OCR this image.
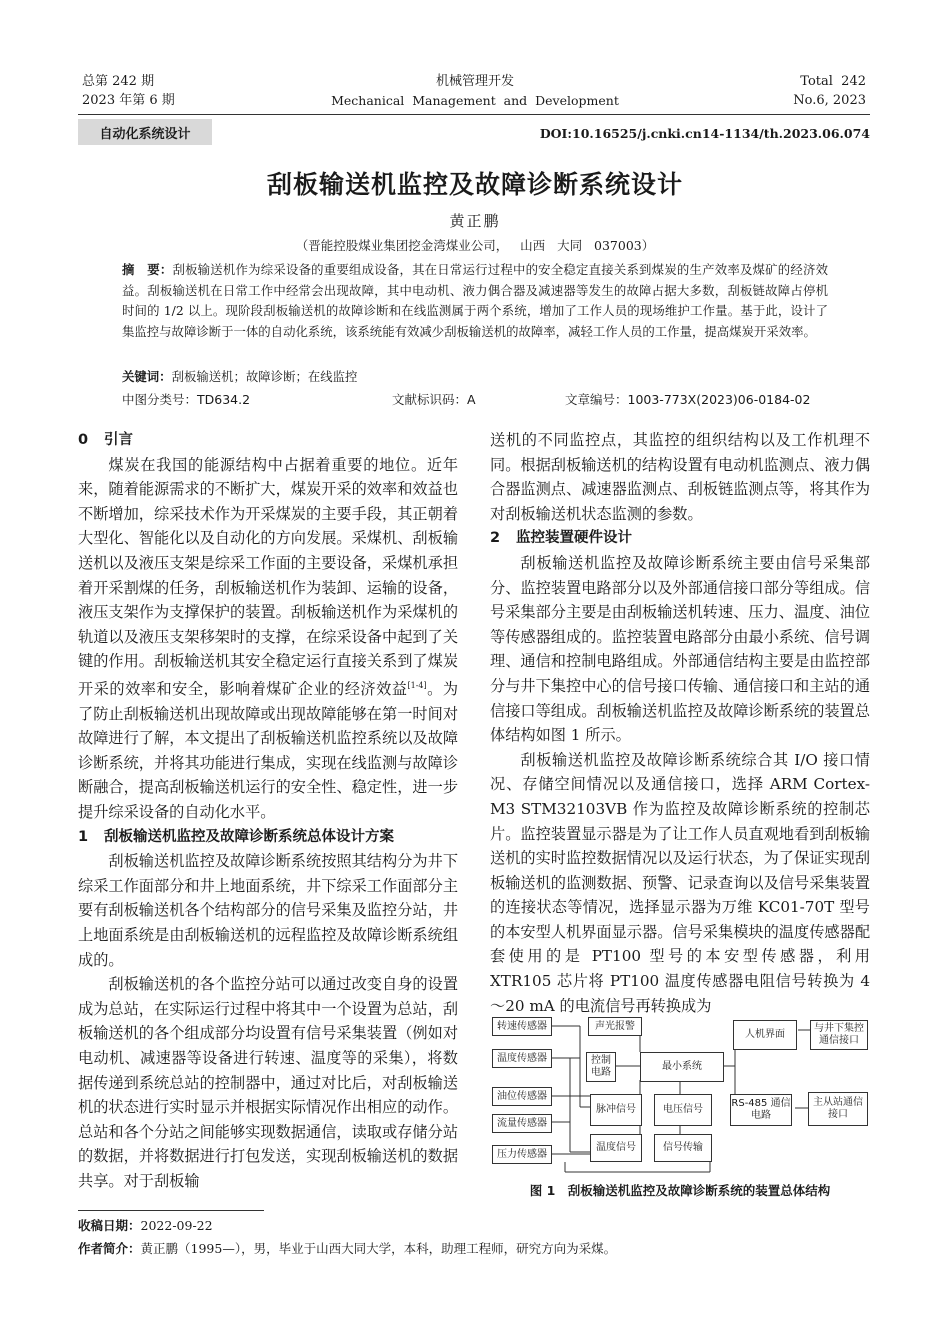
总第 242 期
2023 年第 6 期
机械管理开发
Mechanical  Management  and  Development
Total  242
No.6, 2023
自动化系统设计	DOI:10.16525/j.cnki.cn14-1134/th.2023.06.074
刮板输送机监控及故障诊断系统设计
黄正鹏
（晋能控股煤业集团挖金湾煤业公司，   山西   大同   037003）
摘　要：刮板输送机作为综采设备的重要组成设备，其在日常运行过程中的安全稳定直接关系到煤炭的生产效率及煤矿的经济效益。刮板输送机在日常工作中经常会出现故障，其中电动机、液力偶合器及减速器等发生的故障占据大多数，刮板链故障占停机时间的 1/2 以上。现阶段刮板输送机的故障诊断和在线监测属于两个系统，增加了工作人员的现场维护工作量。基于此，设计了集监控与故障诊断于一体的自动化系统，该系统能有效减少刮板输送机的故障率，减轻工作人员的工作量，提高煤炭开采效率。
关键词：刮板输送机；故障诊断；在线监控
中图分类号：TD634.2	文献标识码：A	文章编号：1003-773X(2023)06-0184-02
0 引言

煤炭在我国的能源结构中占据着重要的地位。近年来，随着能源需求的不断扩大，煤炭开采的效率和效益也不断增加，综采技术作为开采煤炭的主要手段，其正朝着大型化、智能化以及自动化的方向发展。采煤机、刮板输送机以及液压支架是综采工作面的主要设备，采煤机承担着开采割煤的任务，刮板输送机作为装卸、运输的设备，液压支架作为支撑保护的装置。刮板输送机作为采煤机的轨道以及液压支架移架时的支撑，在综采设备中起到了关键的作用。刮板输送机其安全稳定运行直接关系到了煤炭开采的效率和安全，影响着煤矿企业的经济效益[1-4]。为了防止刮板输送机出现故障或出现故障能够在第一时间对故障进行了解，本文提出了刮板输送机监控系统以及故障诊断系统，并将其功能进行集成，实现在线监测与故障诊断融合，提高刮板输送机运行的安全性、稳定性，进一步提升综采设备的自动化水平。

1 刮板输送机监控及故障诊断系统总体设计方案

刮板输送机监控及故障诊断系统按照其结构分为井下综采工作面部分和井上地面系统，井下综采工作面部分主要有刮板输送机各个结构部分的信号采集及监控分站，井上地面系统是由刮板输送机的远程监控及故障诊断系统组成的。

刮板输送机的各个监控分站可以通过改变自身的设置成为总站，在实际运行过程中将其中一个设置为总站，刮板输送机的各个组成部分均设置有信号采集装置（例如对电动机、减速器等设备进行转速、温度等的采集），将数据传递到系统总站的控制器中，通过对比后，对刮板输送机的状态进行实时显示并根据实际情况作出相应的动作。总站和各个分站之间能够实现数据通信，读取或存储分站的数据，并将数据进行打包发送，实现刮板输送机的数据共享。对于刮板输

送机的不同监控点，其监控的组织结构以及工作机理不同。根据刮板输送机的结构设置有电动机监测点、液力偶合器监测点、减速器监测点、刮板链监测点等，将其作为对刮板输送机状态监测的参数。

2 监控装置硬件设计

刮板输送机监控及故障诊断系统主要由信号采集部分、监控装置电路部分以及外部通信接口部分等组成。信号采集部分主要是由刮板输送机转速、压力、温度、油位等传感器组成的。监控装置电路部分由最小系统、信号调理、通信和控制电路组成。外部通信结构主要是由监控部分与井下集控中心的信号接口传输、通信接口和主站的通信接口等组成。刮板输送机监控及故障诊断系统的装置总体结构如图 1 所示。

刮板输送机监控及故障诊断系统综合其 I/O 接口情况、存储空间情况以及通信接口，选择 ARM Cortex-M3 STM32103VB 作为监控及故障诊断系统的控制芯片。监控装置显示器是为了让工作人员直观地看到刮板输送机的实时监控数据情况以及运行状态，为了保证实现刮板输送机的监测数据、预警、记录查询以及信号采集装置的连接状态等情况，选择显示器为万维 KC01-70T 型号的本安型人机界面显示器。信号采集模块的温度传感器配套使用的是 PT100 型号的本安型传感器，利用 XTR105 芯片将 PT100 温度传感器电阻信号转换为 4～20 mA 的电流信号再转换成为

转速传感器
温度传感器
油位传感器
流量传感器
压力传感器
声光报警
控制电路
最小系统
人机界面
与井下集控通信接口
脉冲信号	电压信号
RS-485 通信电路
主从站通信接口
温度信号	信号传输
图 1　刮板输送机监控及故障诊断系统的装置总体结构
收稿日期：2022-09-22
作者简介：黄正鹏（1995—），男，毕业于山西大同大学，本科，助理工程师，研究方向为采煤。
